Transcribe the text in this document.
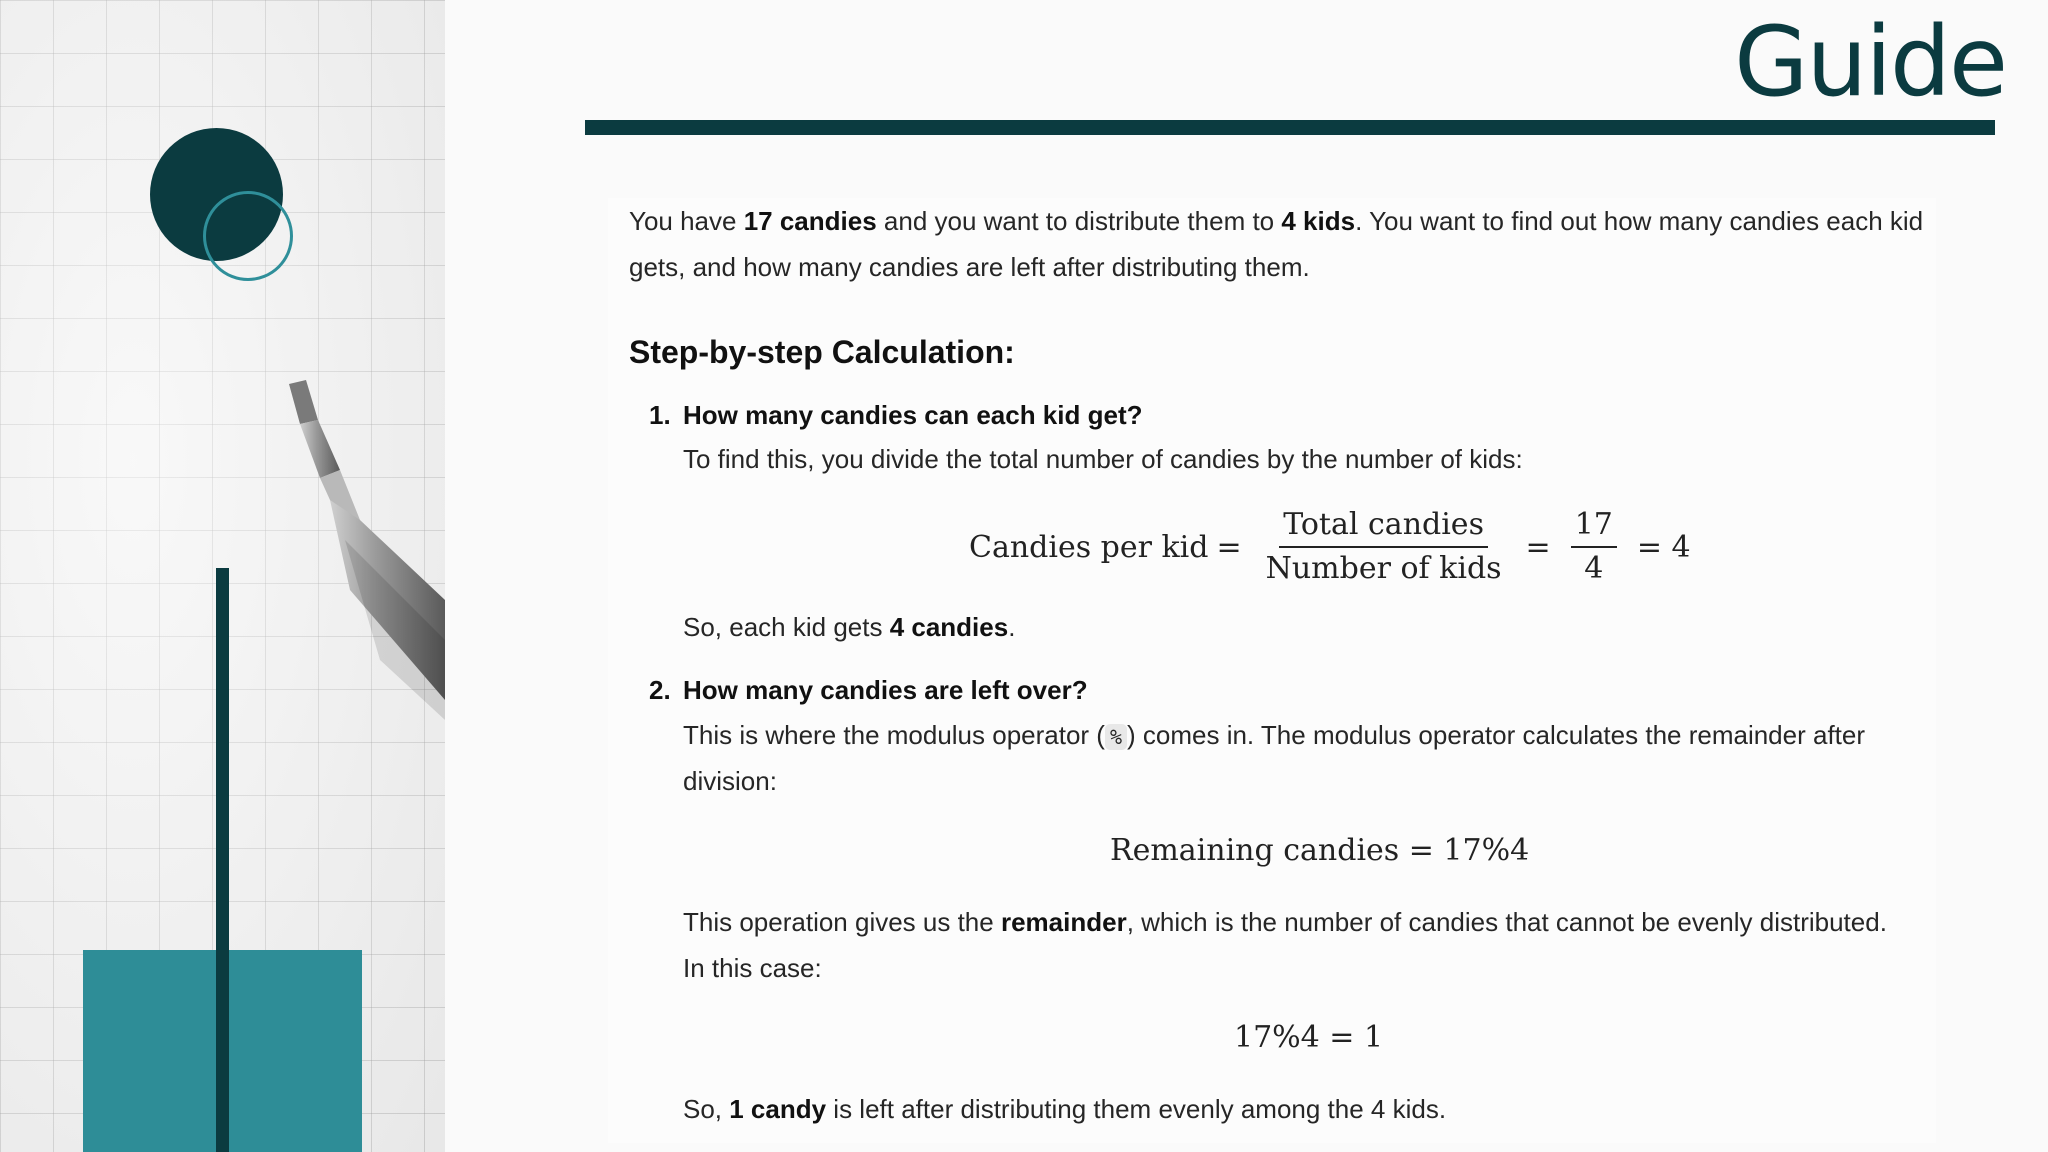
Guide

You have 17 candies and you want to distribute them to 4 kids. You want to find out how many candies each kid gets, and how many candies are left after distributing them.

Step-by-step Calculation:
1. How many candies can each kid get?
To find this, you divide the total number of candies by the number of kids:
Candies per kid = $\frac{\text{Total candies}}{\text{Number of kids}} = \frac{17}{4} = 4$
So, each kid gets 4 candies.
2. How many candies are left over?
This is where the modulus operator ( % ) comes in. The modulus operator calculates the remainder after
division:
Remaining candies = 17%4
This operation gives us the remainder, which is the number of candies that cannot be evenly distributed.
In this case:
17%4 = 1
So, 1 candy is left after distributing them evenly among the 4 kids.
